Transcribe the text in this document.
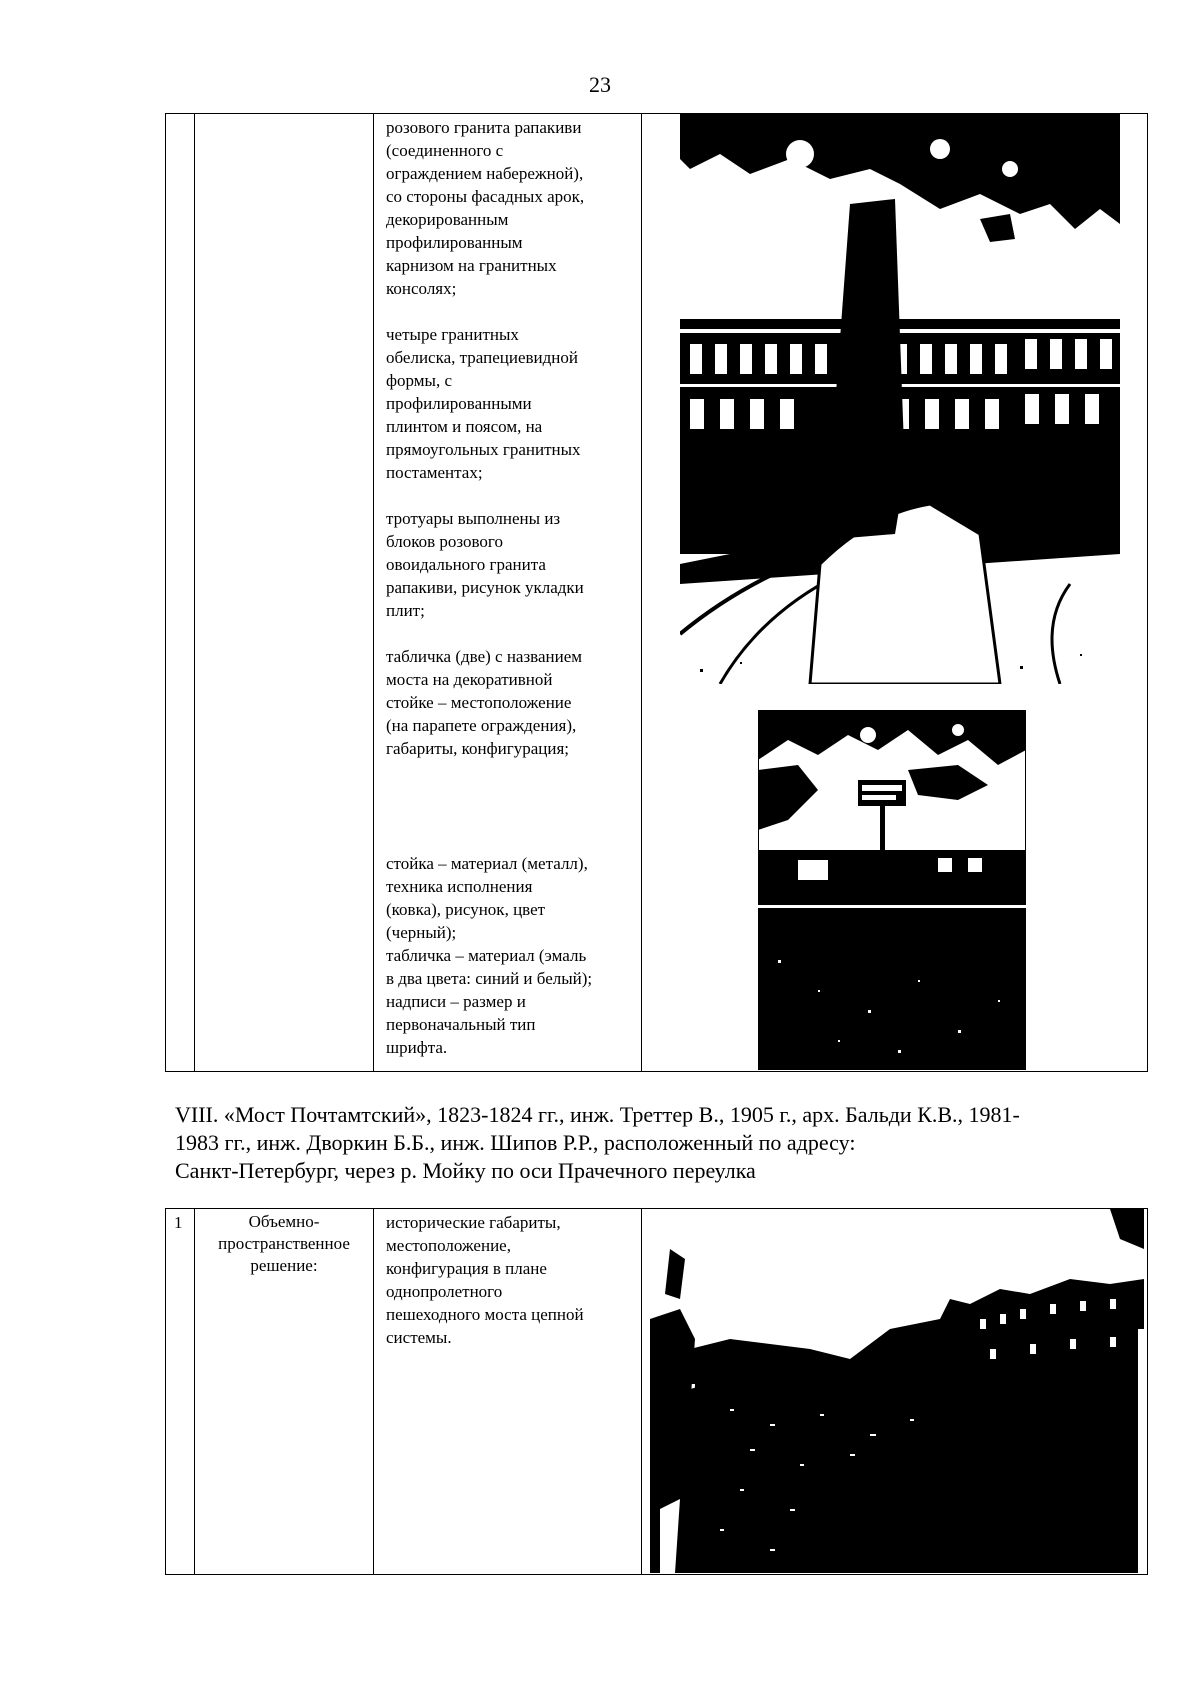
23

розового гранита рапакиви
(соединенного с
ограждением набережной),
со стороны фасадных арок,
декорированным
профилированным
карнизом на гранитных
консолях;

четыре гранитных
обелиска, трапециевидной
формы, с
профилированными
плинтом и поясом, на
прямоугольных гранитных
постаментах;

тротуары выполнены из
блоков розового
овоидального гранита
рапакиви, рисунок укладки
плит;

табличка (две) с названием
моста на декоративной
стойке – местоположение
(на парапете ограждения),
габариты, конфигурация;

стойка – материал (металл),
техника исполнения
(ковка), рисунок, цвет
(черный);
табличка – материал (эмаль
в два цвета: синий и белый);
надписи – размер и
первоначальный тип
шрифта.

VIII. «Мост Почтамтский», 1823-1824 гг., инж. Треттер В., 1905 г., арх. Бальди К.В., 1981-
1983 гг., инж. Дворкин Б.Б., инж. Шипов Р.Р., расположенный по адресу:
Санкт-Петербург, через р. Мойку по оси Прачечного переулка
1	Объемно-
пространственное
решение:

исторические габариты,
местоположение,
конфигурация в плане
однопролетного
пешеходного моста цепной
системы.
